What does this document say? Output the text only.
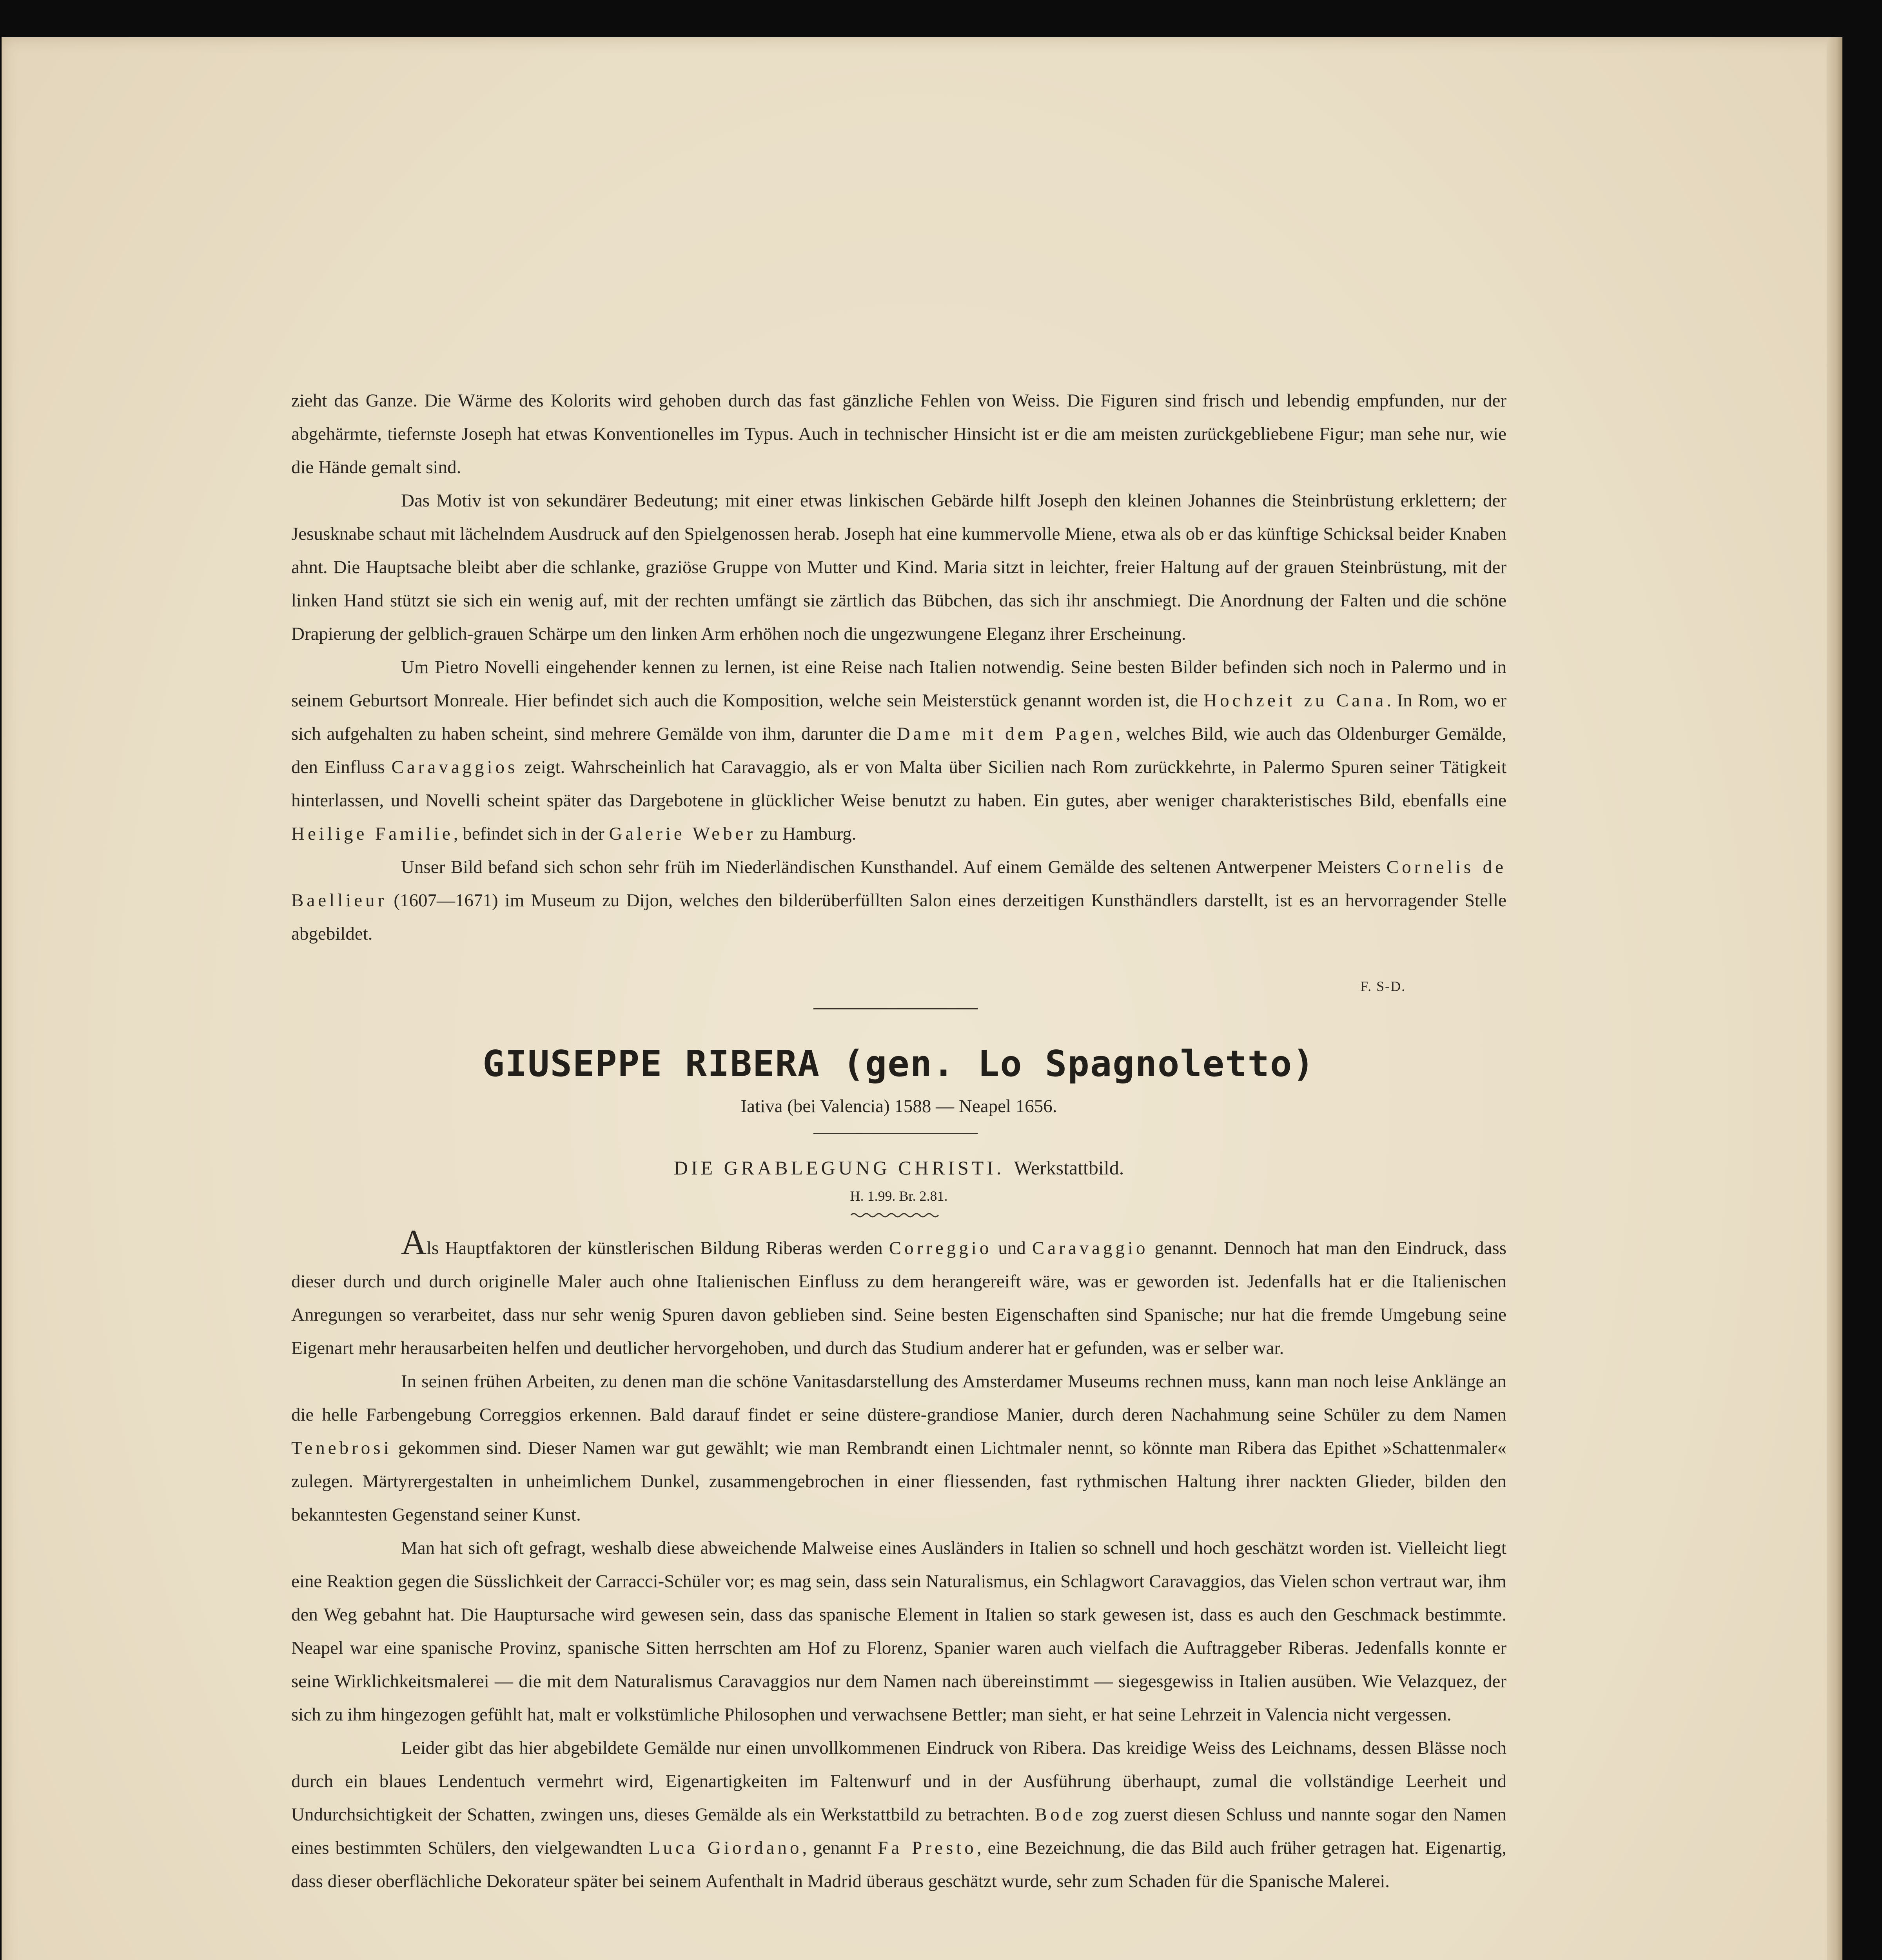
zieht das Ganze. Die Wärme des Kolorits wird gehoben durch das fast gänzliche Fehlen von Weiss. Die Figuren sind frisch und lebendig empfunden, nur der abgehärmte, tiefernste Joseph hat etwas Konventionelles im Typus. Auch in technischer Hinsicht ist er die am meisten zurückgebliebene Figur; man sehe nur, wie die Hände gemalt sind.

Das Motiv ist von sekundärer Bedeutung; mit einer etwas linkischen Gebärde hilft Joseph den kleinen Johannes die Steinbrüstung erklettern; der Jesusknabe schaut mit lächelndem Ausdruck auf den Spielgenossen herab. Joseph hat eine kummervolle Miene, etwa als ob er das künftige Schicksal beider Knaben ahnt. Die Hauptsache bleibt aber die schlanke, graziöse Gruppe von Mutter und Kind. Maria sitzt in leichter, freier Haltung auf der grauen Steinbrüstung, mit der linken Hand stützt sie sich ein wenig auf, mit der rechten umfängt sie zärtlich das Bübchen, das sich ihr anschmiegt. Die Anordnung der Falten und die schöne Drapierung der gelblich-grauen Schärpe um den linken Arm erhöhen noch die ungezwungene Eleganz ihrer Erscheinung.

Um Pietro Novelli eingehender kennen zu lernen, ist eine Reise nach Italien notwendig. Seine besten Bilder befinden sich noch in Palermo und in seinem Geburtsort Monreale. Hier befindet sich auch die Komposition, welche sein Meisterstück genannt worden ist, die Hochzeit zu Cana. In Rom, wo er sich aufgehalten zu haben scheint, sind mehrere Gemälde von ihm, darunter die Dame mit dem Pagen, welches Bild, wie auch das Oldenburger Gemälde, den Einfluss Caravaggios zeigt. Wahrscheinlich hat Caravaggio, als er von Malta über Sicilien nach Rom zurückkehrte, in Palermo Spuren seiner Tätigkeit hinterlassen, und Novelli scheint später das Dargebotene in glücklicher Weise benutzt zu haben. Ein gutes, aber weniger charakteristisches Bild, ebenfalls eine Heilige Familie, befindet sich in der Galerie Weber zu Hamburg.

Unser Bild befand sich schon sehr früh im Niederländischen Kunsthandel. Auf einem Gemälde des seltenen Antwerpener Meisters Cornelis de Baellieur (1607—1671) im Museum zu Dijon, welches den bilderüberfüllten Salon eines derzeitigen Kunsthändlers darstellt, ist es an hervorragender Stelle abgebildet.

F. S-D.
GIUSEPPE RIBERA (gen. Lo Spagnoletto)
Iativa (bei Valencia) 1588 — Neapel 1656.
DIE GRABLEGUNG CHRISTI. Werkstattbild.
H. 1.99. Br. 2.81.

Als Hauptfaktoren der künstlerischen Bildung Riberas werden Correggio und Caravaggio genannt. Dennoch hat man den Eindruck, dass dieser durch und durch originelle Maler auch ohne Italienischen Einfluss zu dem herangereift wäre, was er geworden ist. Jedenfalls hat er die Italienischen Anregungen so verarbeitet, dass nur sehr wenig Spuren davon geblieben sind. Seine besten Eigenschaften sind Spanische; nur hat die fremde Umgebung seine Eigenart mehr herausarbeiten helfen und deutlicher hervorgehoben, und durch das Studium anderer hat er gefunden, was er selber war.

In seinen frühen Arbeiten, zu denen man die schöne Vanitasdarstellung des Amsterdamer Museums rechnen muss, kann man noch leise Anklänge an die helle Farbengebung Correggios erkennen. Bald darauf findet er seine düstere-grandiose Manier, durch deren Nachahmung seine Schüler zu dem Namen Tenebrosi gekommen sind. Dieser Namen war gut gewählt; wie man Rembrandt einen Lichtmaler nennt, so könnte man Ribera das Epithet »Schattenmaler« zulegen. Märtyrergestalten in unheimlichem Dunkel, zusammengebrochen in einer fliessenden, fast rythmischen Haltung ihrer nackten Glieder, bilden den bekanntesten Gegenstand seiner Kunst.

Man hat sich oft gefragt, weshalb diese abweichende Malweise eines Ausländers in Italien so schnell und hoch geschätzt worden ist. Vielleicht liegt eine Reaktion gegen die Süsslichkeit der Carracci-Schüler vor; es mag sein, dass sein Naturalismus, ein Schlagwort Caravaggios, das Vielen schon vertraut war, ihm den Weg gebahnt hat. Die Hauptursache wird gewesen sein, dass das spanische Element in Italien so stark gewesen ist, dass es auch den Geschmack bestimmte. Neapel war eine spanische Provinz, spanische Sitten herrschten am Hof zu Florenz, Spanier waren auch vielfach die Auftraggeber Riberas. Jedenfalls konnte er seine Wirklichkeitsmalerei — die mit dem Naturalismus Caravaggios nur dem Namen nach übereinstimmt — siegesgewiss in Italien ausüben. Wie Velazquez, der sich zu ihm hingezogen gefühlt hat, malt er volkstümliche Philosophen und verwachsene Bettler; man sieht, er hat seine Lehrzeit in Valencia nicht vergessen.

Leider gibt das hier abgebildete Gemälde nur einen unvollkommenen Eindruck von Ribera. Das kreidige Weiss des Leichnams, dessen Blässe noch durch ein blaues Lendentuch vermehrt wird, Eigenartigkeiten im Faltenwurf und in der Ausführung überhaupt, zumal die vollständige Leerheit und Undurchsichtigkeit der Schatten, zwingen uns, dieses Gemälde als ein Werkstattbild zu betrachten. Bode zog zuerst diesen Schluss und nannte sogar den Namen eines bestimmten Schülers, den vielgewandten Luca Giordano, genannt Fa Presto, eine Bezeichnung, die das Bild auch früher getragen hat. Eigenartig, dass dieser oberflächliche Dekorateur später bei seinem Aufenthalt in Madrid überaus geschätzt wurde, sehr zum Schaden für die Spanische Malerei.
